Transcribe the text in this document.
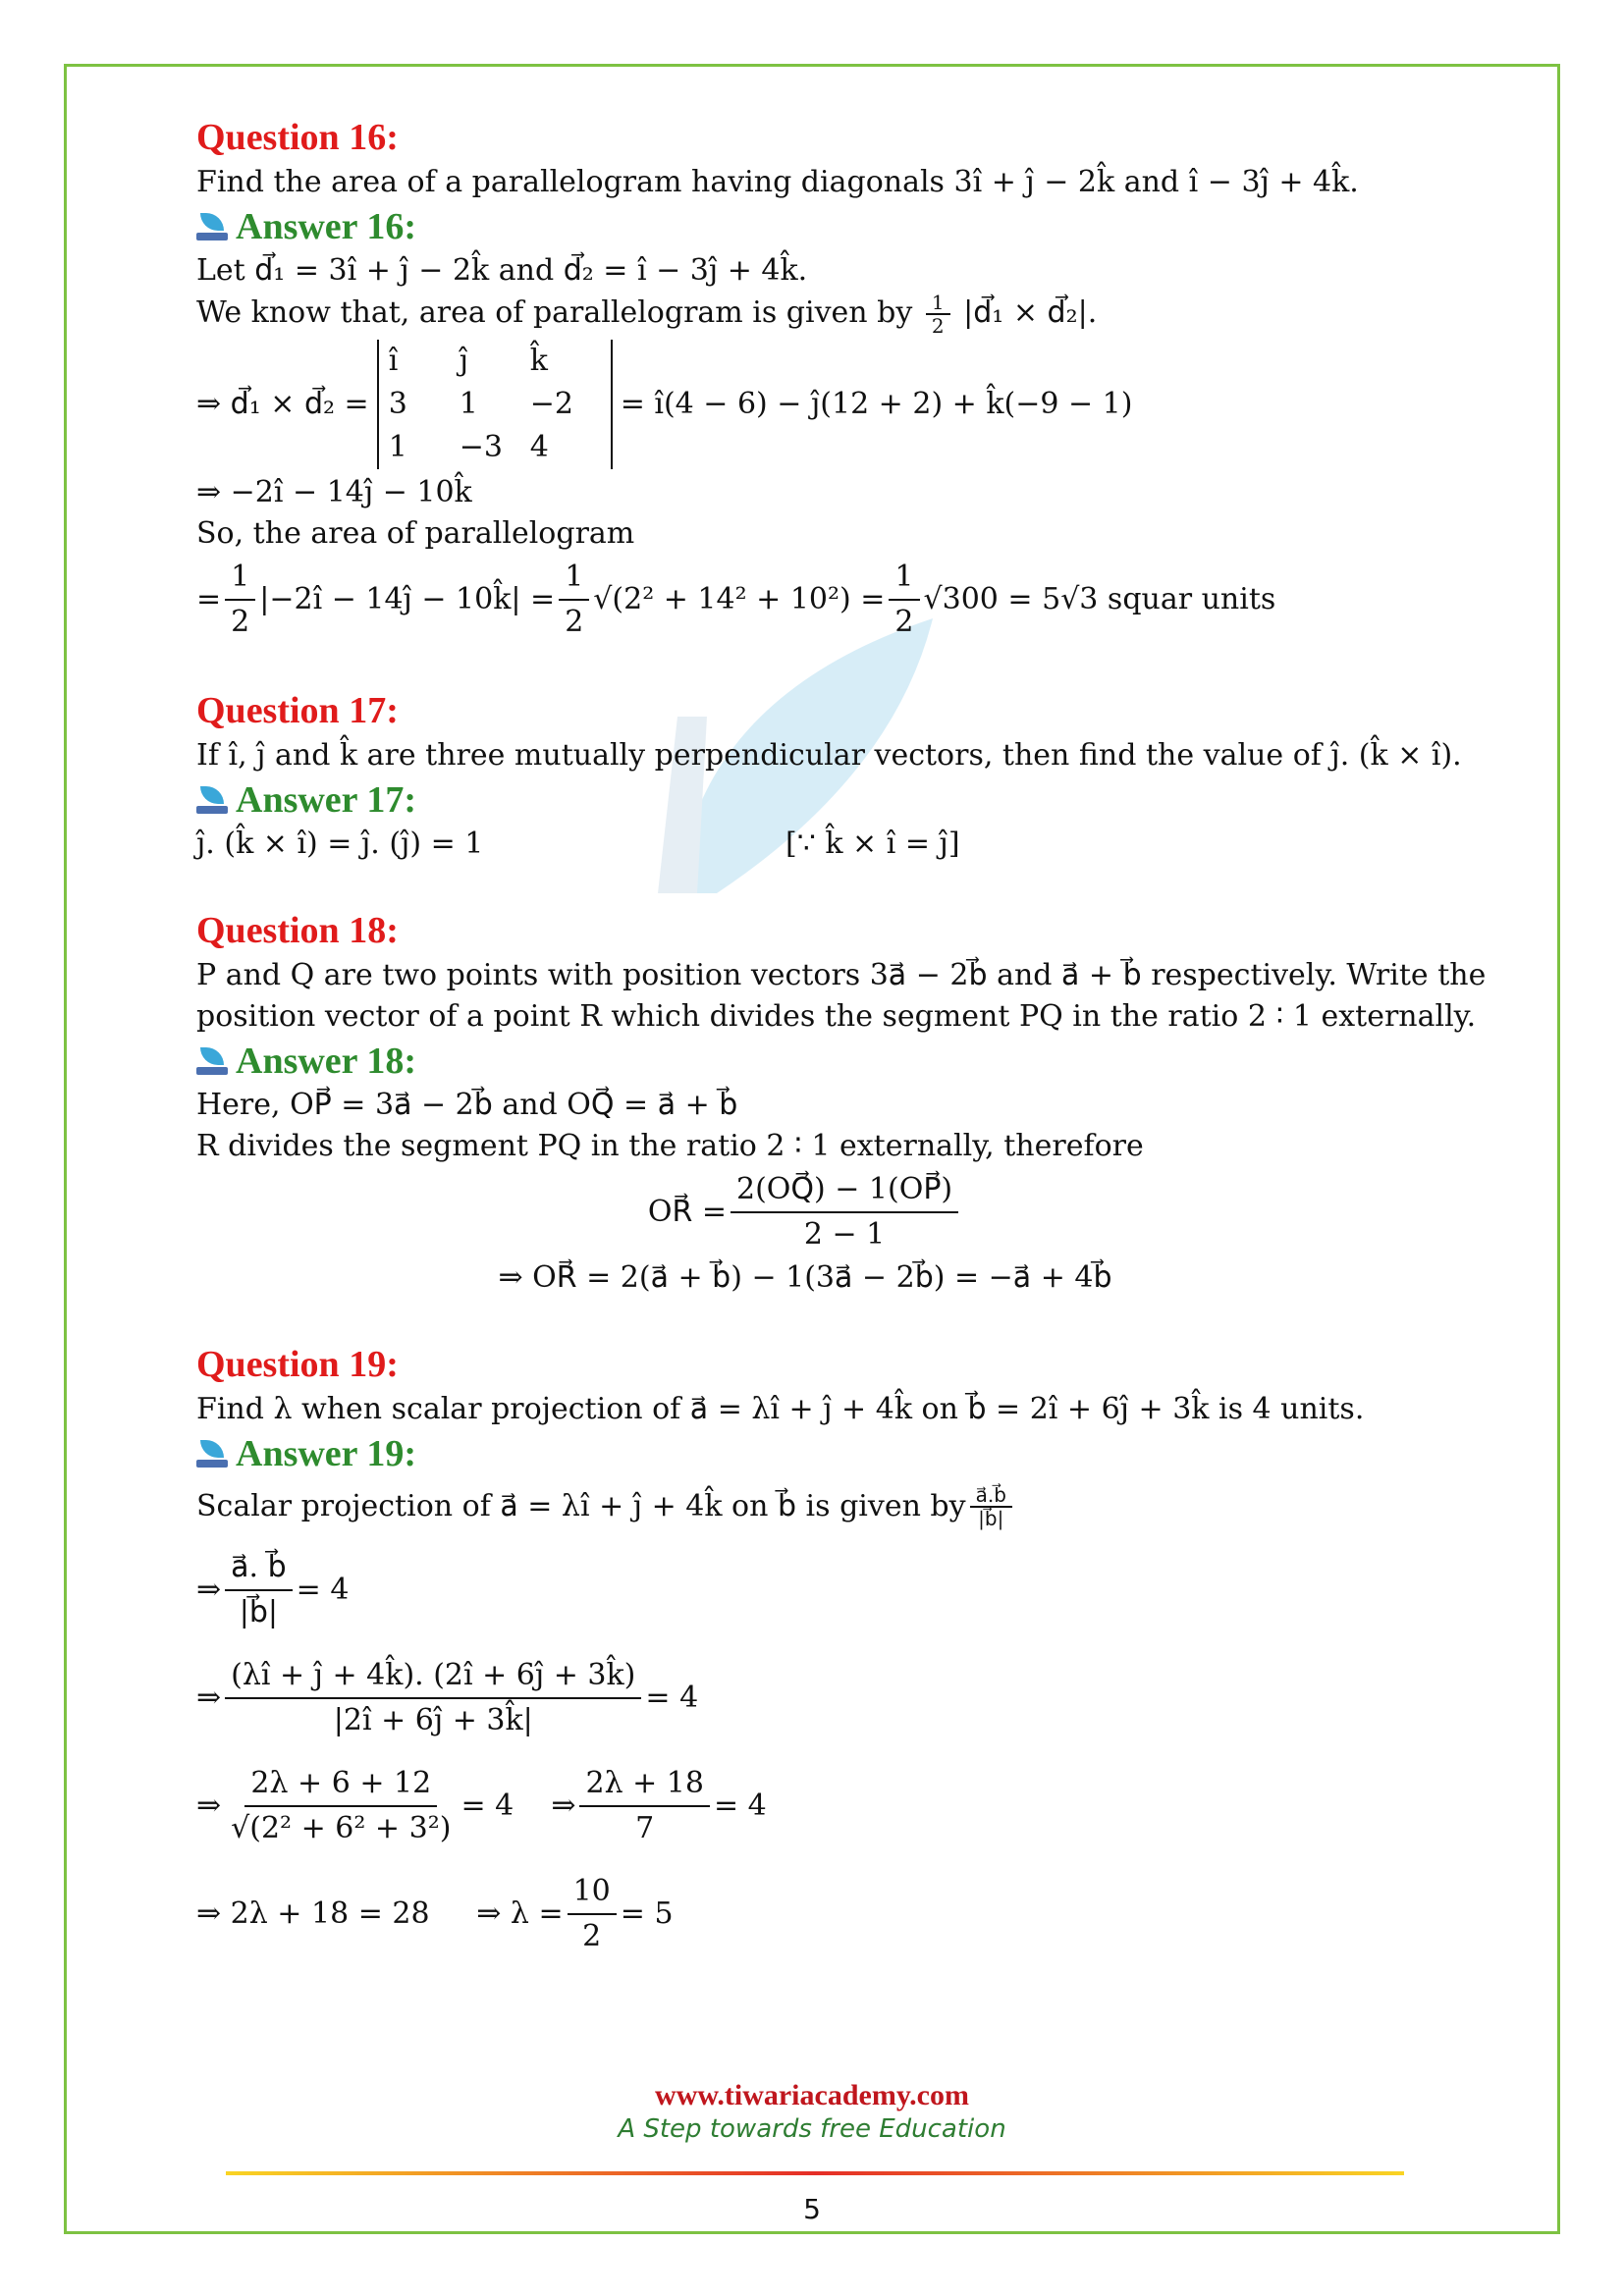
Question 16:

Find the area of a parallelogram having diagonals 3î + ĵ − 2k̂ and î − 3ĵ + 4k̂.

Answer 16:

Let d⃗₁ = 3î + ĵ − 2k̂ and d⃗₂ = î − 3ĵ + 4k̂.

We know that, area of parallelogram is given by $\frac{1}{2}$ |d⃗₁ × d⃗₂|.

⇒ d⃗₁ × d⃗₂ =
î	ĵ	k̂
3	1	−2
1	−3 4
= î(4 − 6) − ĵ(12 + 2) + k̂(−9 − 1)

⇒ −2î − 14ĵ − 10k̂

So, the area of parallelogram

= $\frac{1}{2}$ |−2î − 14ĵ − 10k̂| = $\frac{1}{2} √(2^2 + 14^2 + 10^2) = \frac{1}{2} √300 = 5√3$ squar units

Question 17:

If î, ĵ and k̂ are three mutually perpendicular vectors, then find the value of ĵ. (k̂ × î).

Answer 17:

ĵ. (k̂ × î) = ĵ. (ĵ) = 1	[∵ k̂ × î = ĵ]

Question 18:

P and Q are two points with position vectors 3a⃗ − 2b⃗ and a⃗ + b⃗ respectively. Write the

position vector of a point R which divides the segment PQ in the ratio 2 ∶ 1 externally.

Answer 18:

Here, OP⃗ = 3a⃗ − 2b⃗ and OQ⃗ = a⃗ + b⃗

R divides the segment PQ in the ratio 2 ∶ 1 externally, therefore

OR⃗ = $\frac{2(OQ⃗) - 1(OP⃗)}{2 - 1}$

⇒ OR⃗ = 2(a⃗ + b⃗) − 1(3a⃗ − 2b⃗) = −a⃗ + 4b⃗

Question 19:

Find λ when scalar projection of a⃗ = λî + ĵ + 4k̂ on b⃗ = 2î + 6ĵ + 3k̂ is 4 units.

Answer 19:

Scalar projection of a⃗ = λî + ĵ + 4k̂ on b⃗ is given by $\frac{a⃗.b⃗}{|b⃗|}$
⇒ $\frac{a⃗. b⃗}{|b⃗|} = 4$
⇒ $\frac{(\lambda î + ĵ + 4k̂). (2î + 6ĵ + 3k̂)}{|2î + 6ĵ + 3k̂|} = 4$
⇒ $\frac{2\lambda + 6 + 12}{\text{√(2² + 6² + 3²)}} = 4$    ⇒ $\frac{2\lambda + 18}{7} = 4$
⇒ 2λ + 18 = 28     ⇒ $\lambda = \frac{10}{2} = 5$
www.tiwariacademy.com
A Step towards free Education
5
